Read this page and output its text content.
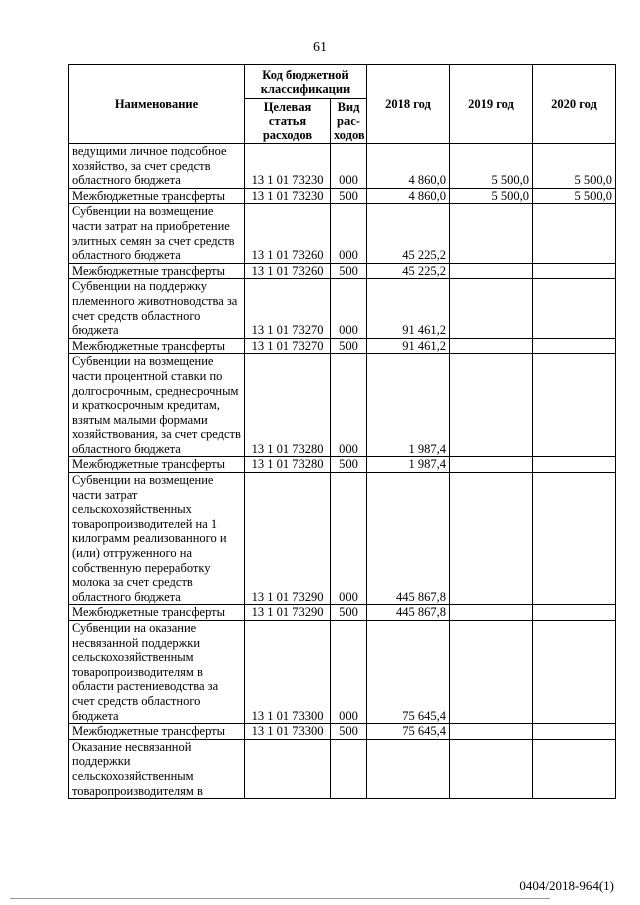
61
Наименование	Код бюджетной классификации		2018 год	2019 год	2020 год
	Целевая статья расходов	Вид рас-ходов			
ведущими личное подсобное хозяйство, за счет средств областного бюджета	13 1 01 73230	000	4 860,0	5 500,0	5 500,0
Межбюджетные трансферты	13 1 01 73230	500	4 860,0	5 500,0	5 500,0
Субвенции на возмещение части затрат на приобретение элитных семян за счет средств областного бюджета	13 1 01 73260	000	45 225,2		
Межбюджетные трансферты	13 1 01 73260	500	45 225,2		
Субвенции на поддержку племенного животноводства за счет средств областного бюджета	13 1 01 73270	000	91 461,2		
Межбюджетные трансферты	13 1 01 73270	500	91 461,2		
Субвенции на возмещение части процентной ставки по долгосрочным, среднесрочным и краткосрочным кредитам, взятым малыми формами хозяйствования, за счет средств областного бюджета	13 1 01 73280	000	1 987,4		
Межбюджетные трансферты	13 1 01 73280	500	1 987,4		
Субвенции на возмещение части затрат сельскохозяйственных товаропроизводителей на 1 килограмм реализованного и (или) отгруженного на собственную переработку молока за счет средств областного бюджета	13 1 01 73290	000	445 867,8		
Межбюджетные трансферты	13 1 01 73290	500	445 867,8		
Субвенции на оказание несвязанной поддержки сельскохозяйственным товаропроизводителям в области растениеводства за счет средств областного бюджета	13 1 01 73300	000	75 645,4		
Межбюджетные трансферты	13 1 01 73300	500	75 645,4		
Оказание несвязанной поддержки сельскохозяйственным товаропроизводителям в					
0404/2018-964(1)
